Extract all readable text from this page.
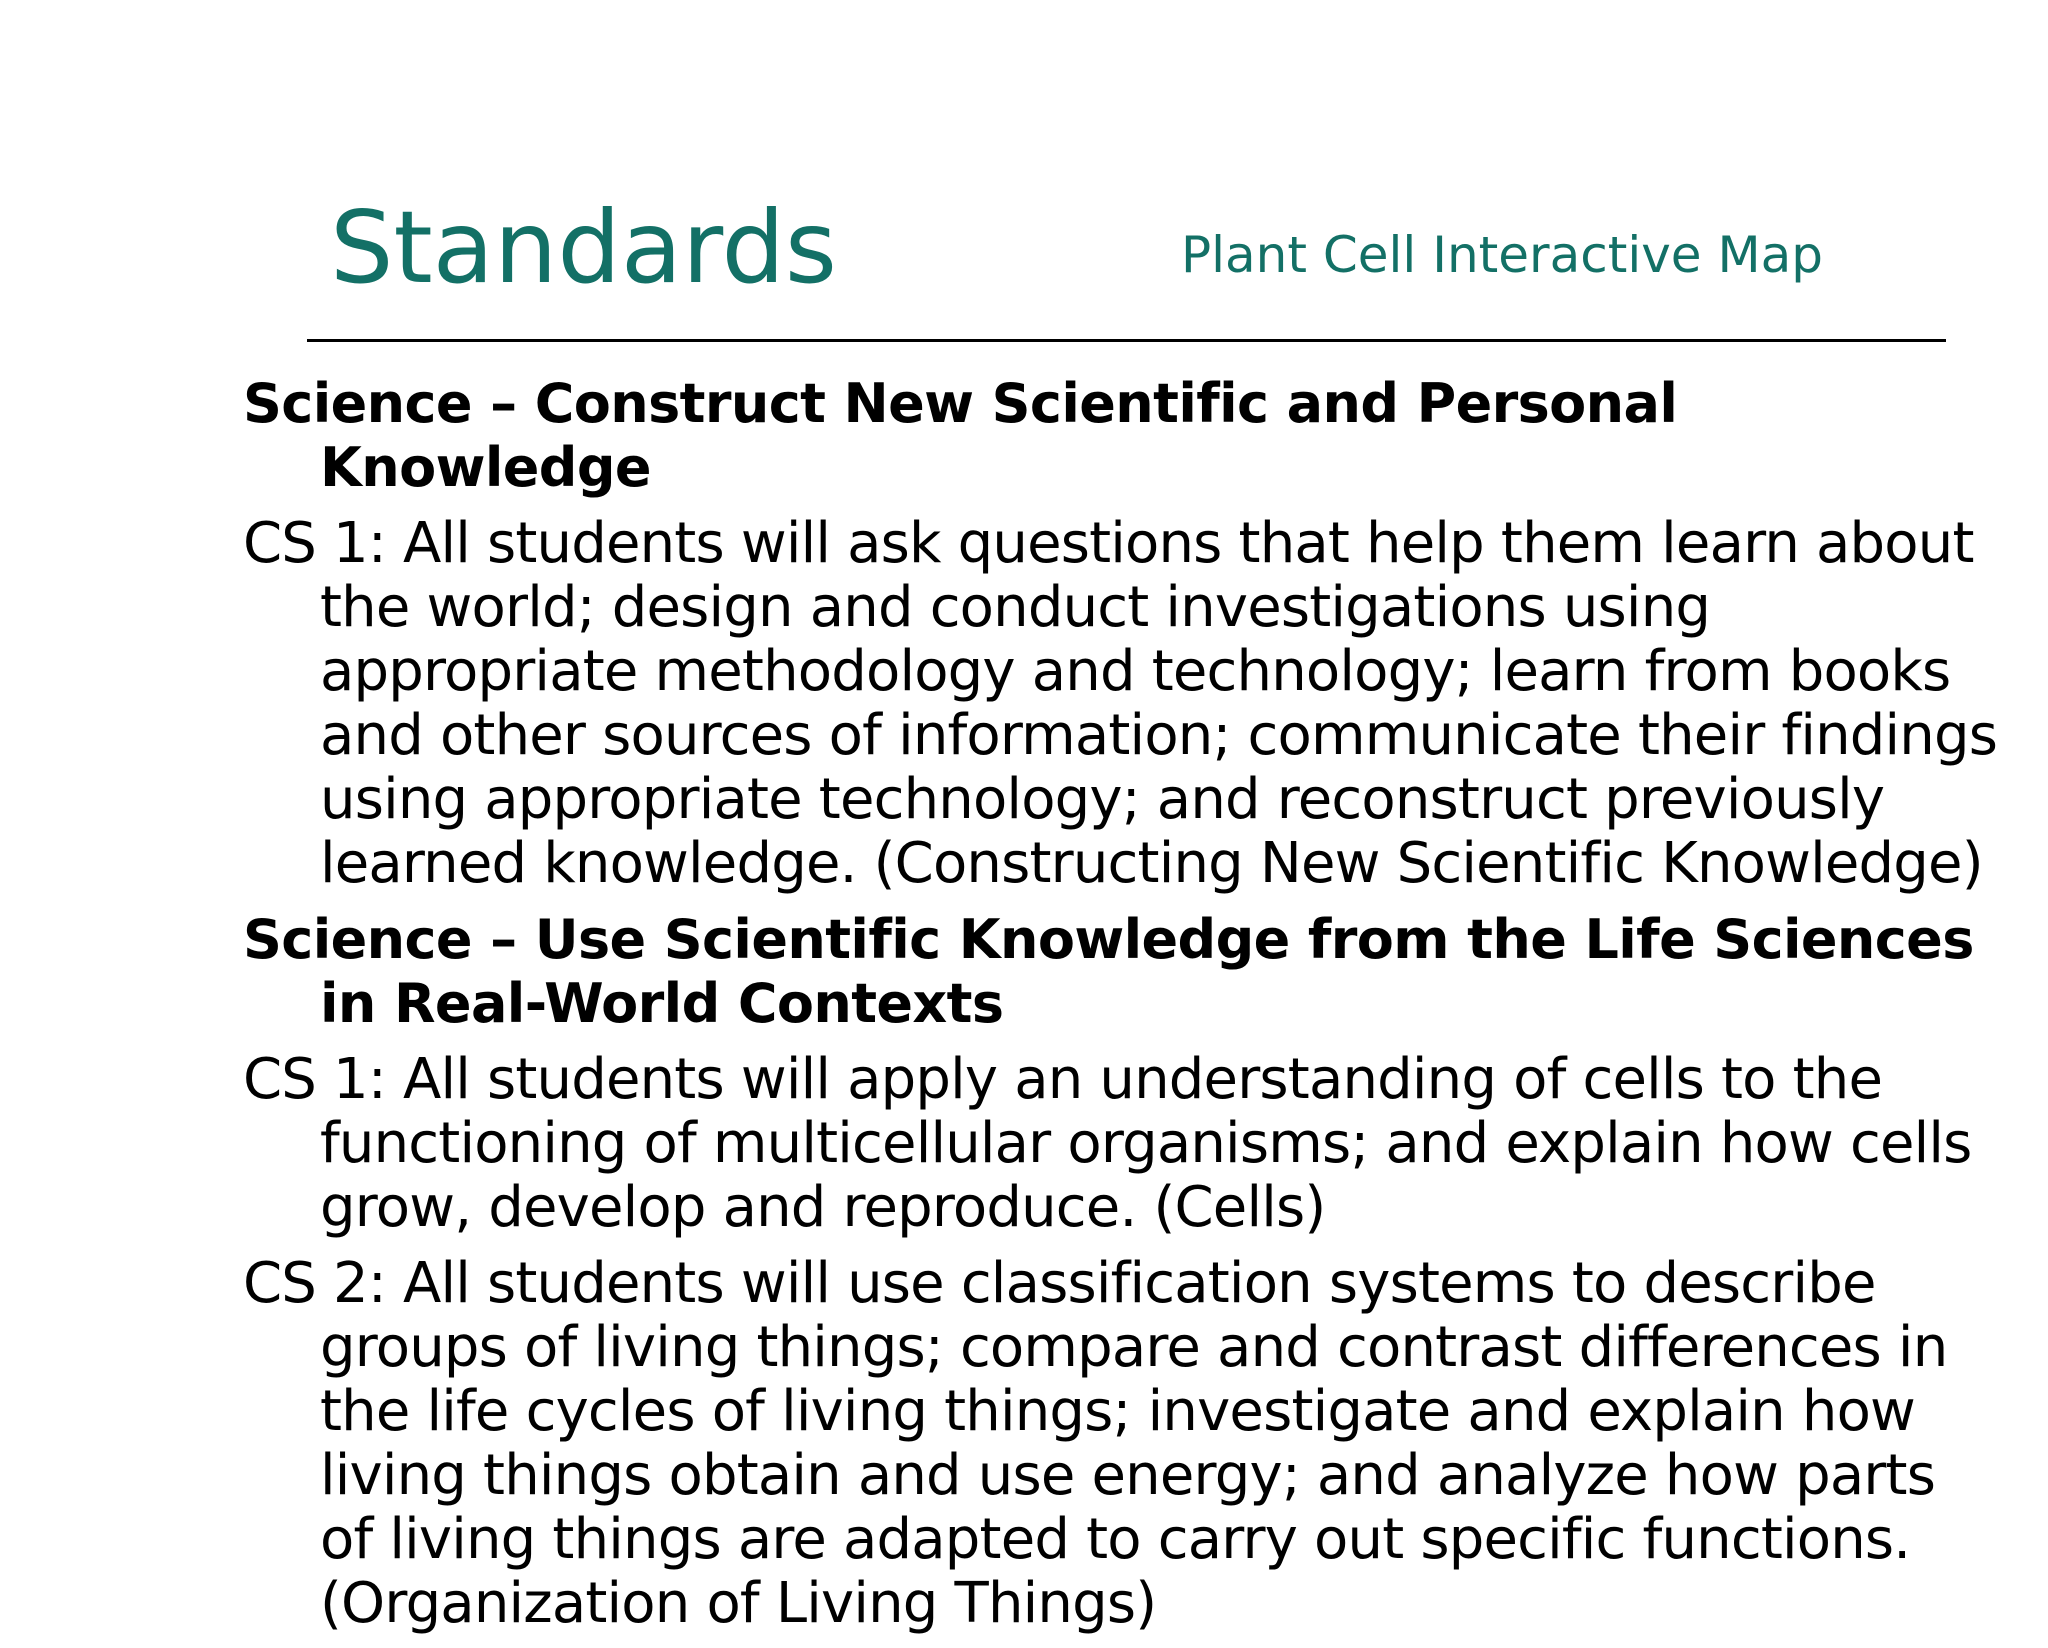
Standards	Plant Cell Interactive Map

Science – Construct New Scientific and Personal Knowledge

CS 1: All students will ask questions that help them learn about the world; design and conduct investigations using appropriate methodology and technology; learn from books and other sources of information; communicate their findings using appropriate technology; and reconstruct previously learned knowledge. (Constructing New Scientific Knowledge)

Science – Use Scientific Knowledge from the Life Sciences in Real-World Contexts

CS 1: All students will apply an understanding of cells to the functioning of multicellular organisms; and explain how cells grow, develop and reproduce. (Cells)

CS 2: All students will use classification systems to describe groups of living things; compare and contrast differences in the life cycles of living things; investigate and explain how living things obtain and use energy; and analyze how parts of living things are adapted to carry out specific functions. (Organization of Living Things)
